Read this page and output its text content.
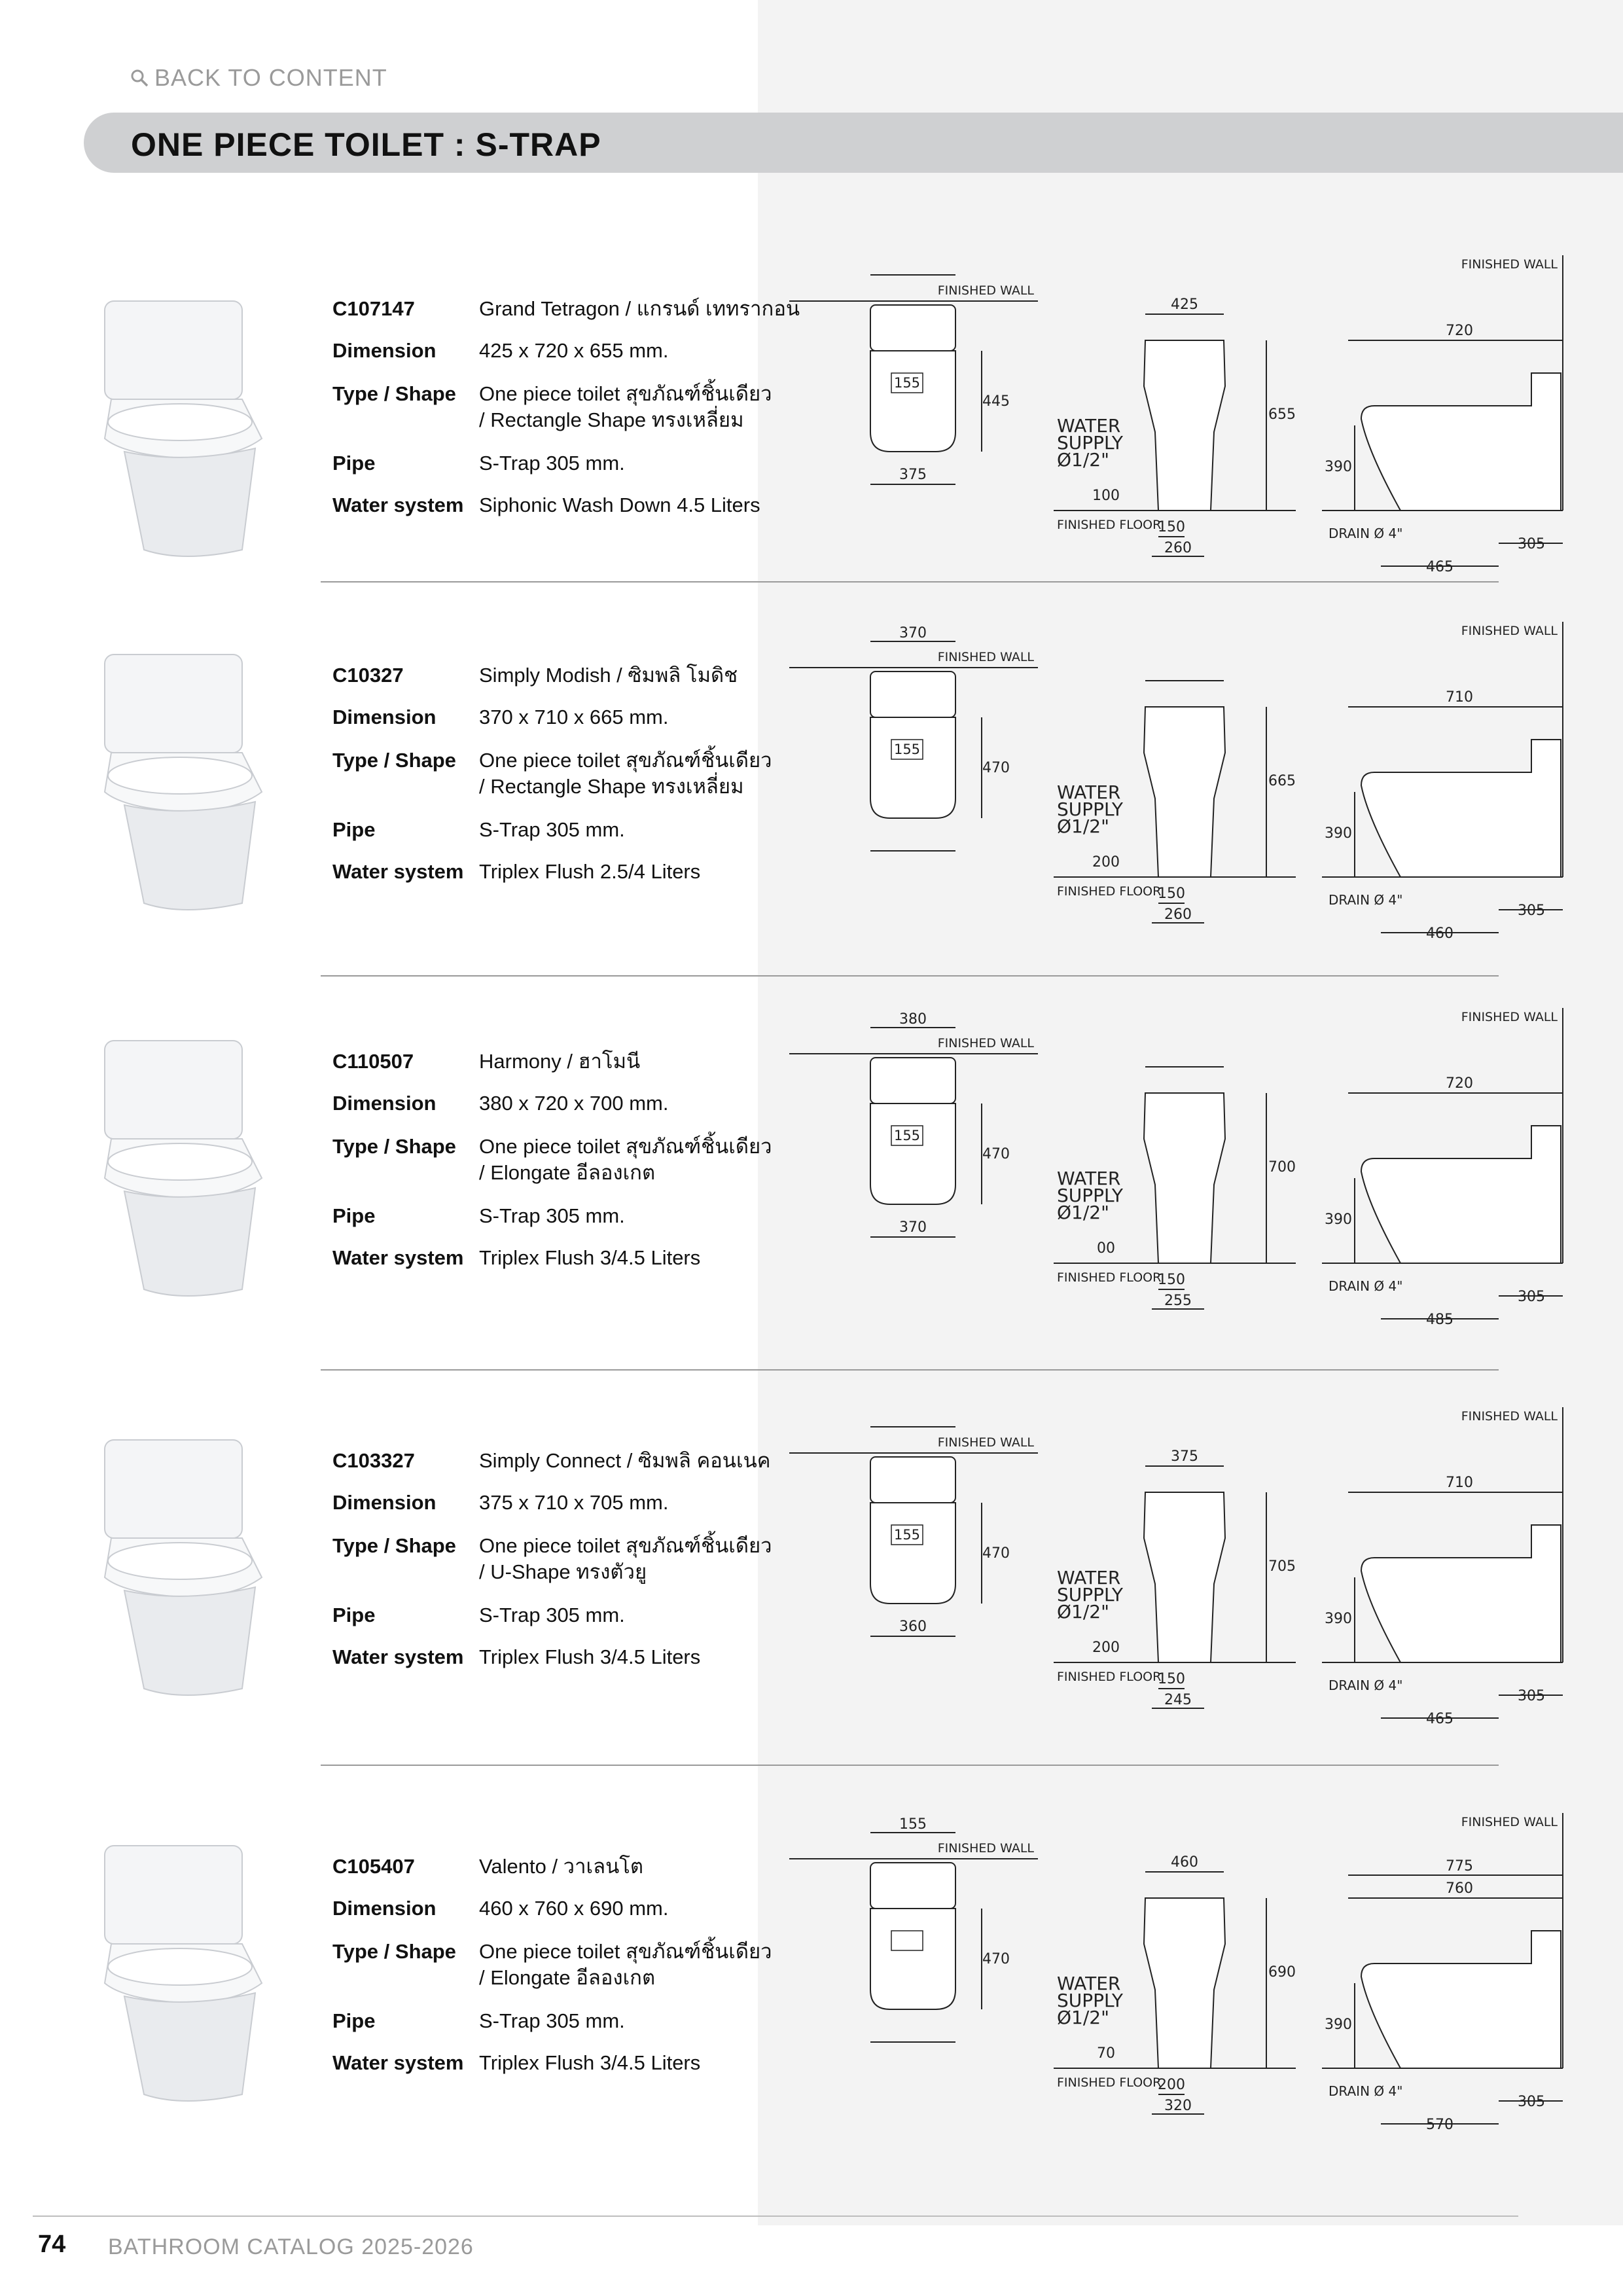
BACK TO CONTENT
ONE PIECE TOILET : S-TRAP
C107147	Grand Tetragon / แกรนด์ เททรากอน
Dimension	425 x 720 x 655 mm.
Type / Shape	One piece toilet สุขภัณฑ์ชิ้นเดียว
/ Rectangle Shape ทรงเหลี่ยม
Pipe	S-Trap 305 mm.
Water system Siphonic Wash Down 4.5 Liters
FINISHED WALL
155
445
375
FINISHED FLOOR
425
655
WATER
SUPPLY
Ø1/2"
100
150
260
FINISHED WALL
720
390
DRAIN Ø 4"
305
465
C10327	Simply Modish / ซิมพลิ โมดิช
Dimension	370 x 710 x 665 mm.
Type / Shape	One piece toilet สุขภัณฑ์ชิ้นเดียว
/ Rectangle Shape ทรงเหลี่ยม
Pipe	S-Trap 305 mm.
Water system Triplex Flush 2.5/4 Liters
FINISHED WALL
155
470
370
FINISHED FLOOR
665
WATER
SUPPLY
Ø1/2"
200
150
260
FINISHED WALL
710
390
DRAIN Ø 4"
305
460
C110507	Harmony / ฮาโมนี
Dimension	380 x 720 x 700 mm.
Type / Shape	One piece toilet สุขภัณฑ์ชิ้นเดียว
/ Elongate อีลองเกต
Pipe	S-Trap 305 mm.
Water system Triplex Flush 3/4.5 Liters
FINISHED WALL
155
470
370
380
FINISHED FLOOR
700
WATER
SUPPLY
Ø1/2"
00
150
255
FINISHED WALL
720
390
DRAIN Ø 4"
305
485
C103327	Simply Connect / ซิมพลิ คอนเนค
Dimension	375 x 710 x 705 mm.
Type / Shape	One piece toilet สุขภัณฑ์ชิ้นเดียว
/ U-Shape ทรงตัวยู
Pipe	S-Trap 305 mm.
Water system Triplex Flush 3/4.5 Liters
FINISHED WALL
155
470
360
FINISHED FLOOR
375
705
WATER
SUPPLY
Ø1/2"
200
150
245
FINISHED WALL
710
390
DRAIN Ø 4"
305
465
C105407	Valento / วาเลนโต
Dimension	460 x 760 x 690 mm.
Type / Shape	One piece toilet สุขภัณฑ์ชิ้นเดียว
/ Elongate อีลองเกต
Pipe	S-Trap 305 mm.
Water system Triplex Flush 3/4.5 Liters
FINISHED WALL
470
155
FINISHED FLOOR
460
690
WATER
SUPPLY
Ø1/2"
70
200
320
FINISHED WALL
760
775
390
DRAIN Ø 4"
305
570
74 BATHROOM CATALOG 2025-2026
